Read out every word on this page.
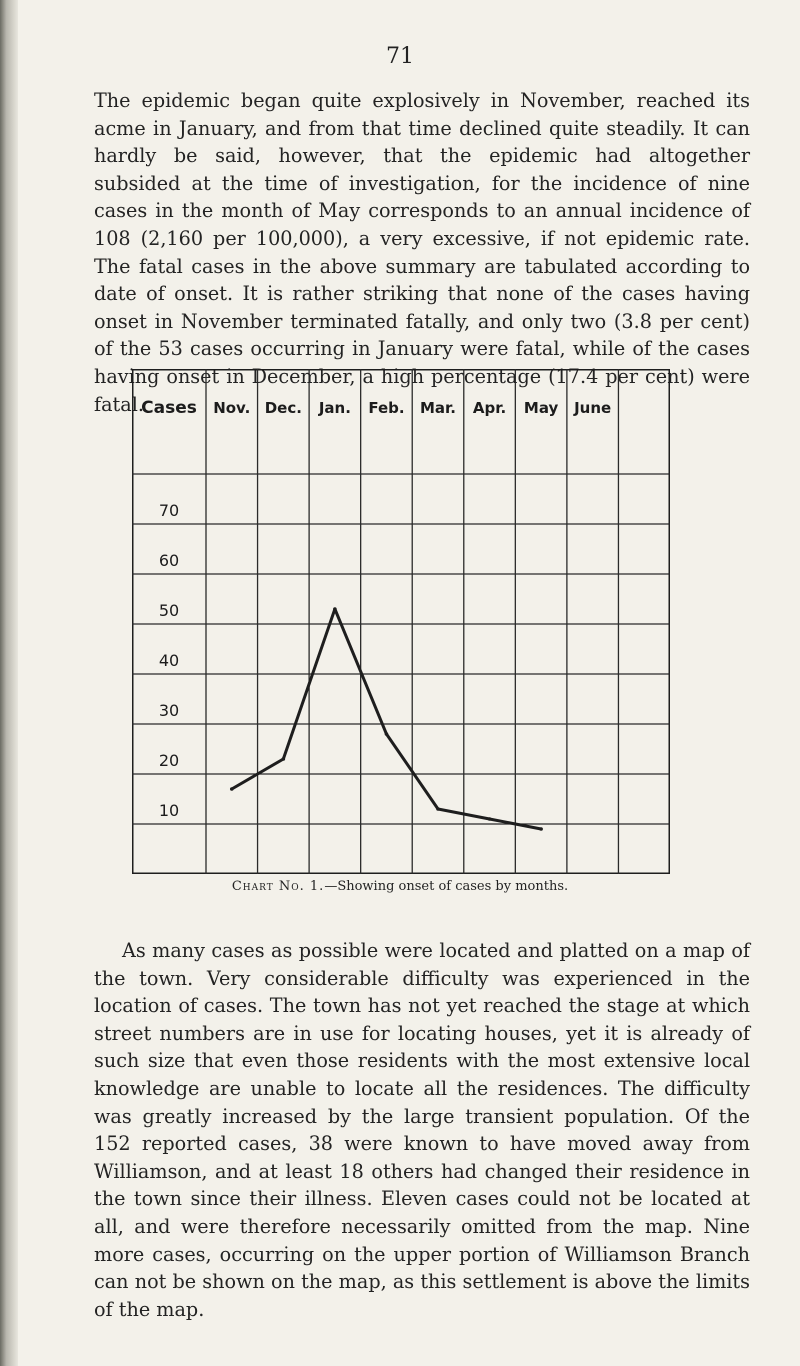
71

The epidemic began quite explosively in November, reached its acme in January, and from that time declined quite steadily. It can hardly be said, however, that the epidemic had altogether subsided at the time of investigation, for the incidence of nine cases in the month of May corresponds to an annual incidence of 108 (2,160 per 100,000), a very excessive, if not epidemic rate. The fatal cases in the above summary are tabulated according to date of onset. It is rather striking that none of the cases having onset in November terminated fatally, and only two (3.8 per cent) of the 53 cases occurring in January were fatal, while of the cases having onset in December, a high percentage (17.4 per cent) were fatal.

Cases Nov. Dec. Jan. Feb. Mar. Apr. May June
70
60
50
40
30
20
10
Chart No. 1.—Showing onset of cases by months.

As many cases as possible were located and platted on a map of the town. Very considerable difficulty was experienced in the location of cases. The town has not yet reached the stage at which street numbers are in use for locating houses, yet it is already of such size that even those residents with the most extensive local knowledge are unable to locate all the residences. The difficulty was greatly increased by the large transient population. Of the 152 reported cases, 38 were known to have moved away from Williamson, and at least 18 others had changed their residence in the town since their illness. Eleven cases could not be located at all, and were therefore necessarily omitted from the map. Nine more cases, occurring on the upper portion of Williamson Branch can not be shown on the map, as this settlement is above the limits of the map.
